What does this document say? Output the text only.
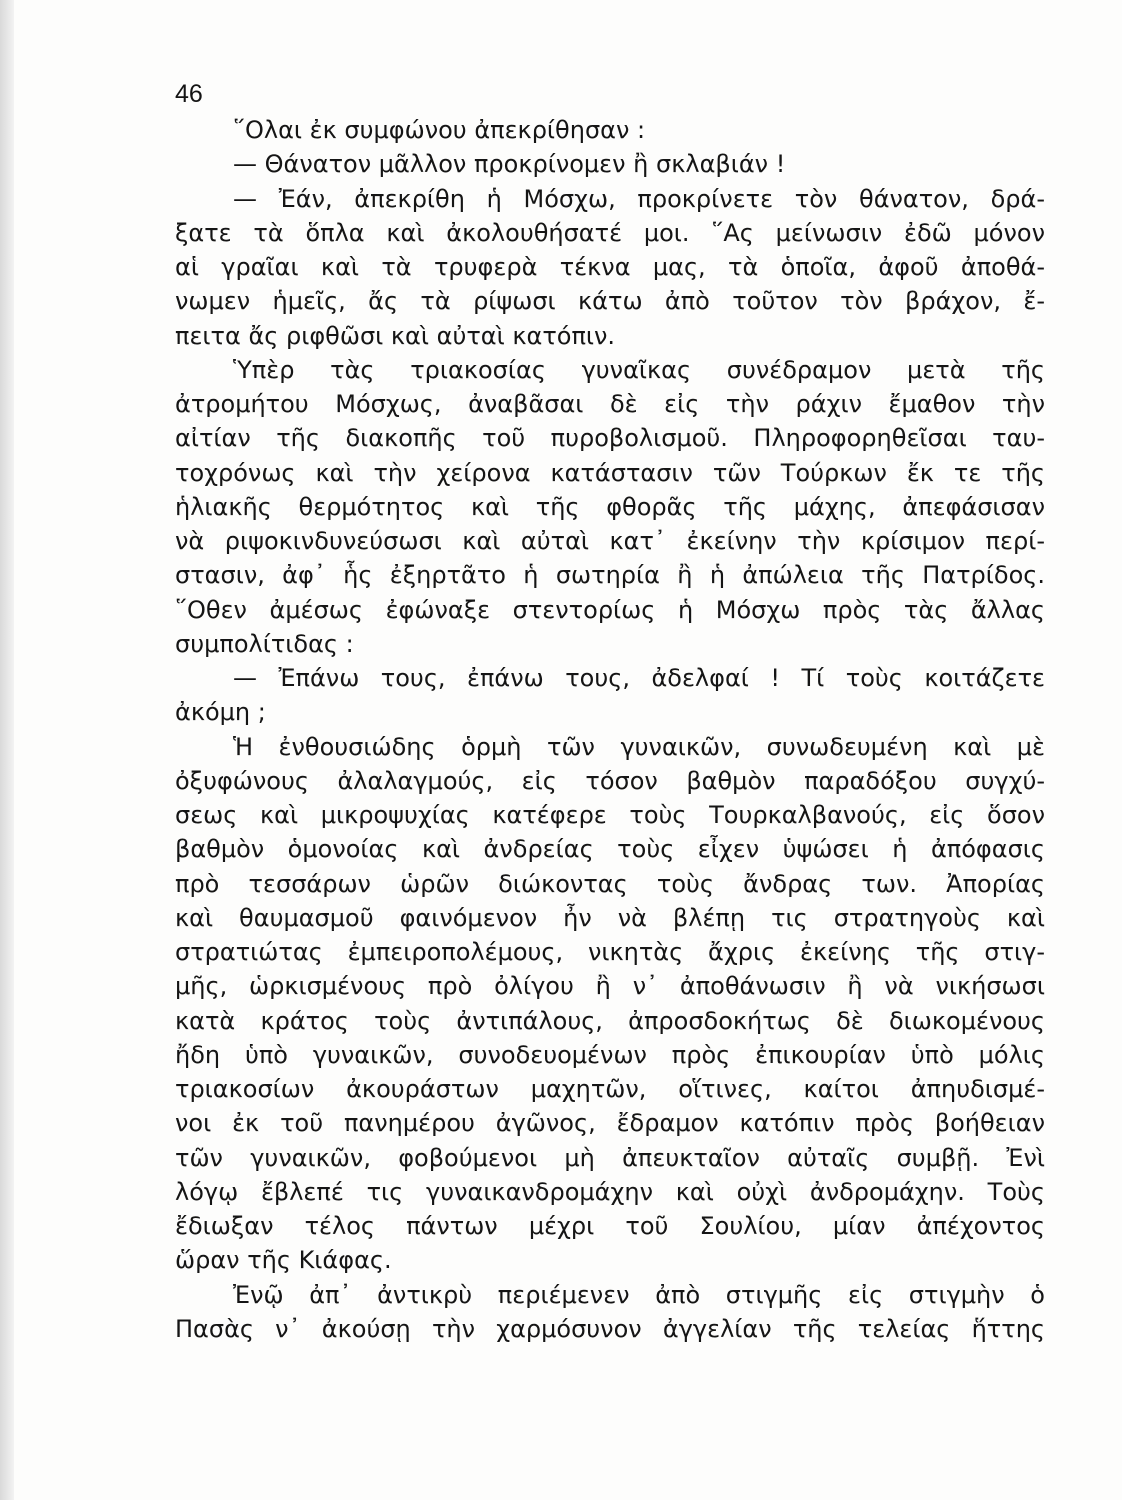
46
῞Ολαι ἐκ συμφώνου ἀπεκρίθησαν :
— Θάνατον μᾶλλον προκρίνομεν ἢ σκλαβιάν !
— Ἐάν, ἀπεκρίθη ἡ Μόσχω, προκρίνετε τὸν θάνατον, δρά-
ξατε τὰ ὅπλα καὶ ἀκολουθήσατέ μοι. ῞Ας μείνωσιν ἐδῶ μόνον
αἱ γραῖαι καὶ τὰ τρυφερὰ τέκνα μας, τὰ ὁποῖα, ἀφοῦ ἀποθά-
νωμεν ἡμεῖς, ἄς τὰ ρίψωσι κάτω ἀπὸ τοῦτον τὸν βράχον, ἔ-
πειτα ἄς ριφθῶσι καὶ αὐταὶ κατόπιν.
Ὑπὲρ τὰς τριακοσίας γυναῖκας συνέδραμον μετὰ τῆς
ἀτρομήτου Μόσχως, ἀναβᾶσαι δὲ εἰς τὴν ράχιν ἔμαθον τὴν
αἰτίαν τῆς διακοπῆς τοῦ πυροβολισμοῦ. Πληροφορηθεῖσαι ταυ-
τοχρόνως καὶ τὴν χείρονα κατάστασιν τῶν Τούρκων ἔκ τε τῆς
ἡλιακῆς θερμότητος καὶ τῆς φθορᾶς τῆς μάχης, ἀπεφάσισαν
νὰ ριψοκινδυνεύσωσι καὶ αὐταὶ κατ᾽ ἐκείνην τὴν κρίσιμον περί-
στασιν, ἀφ᾽ ἧς ἐξηρτᾶτο ἡ σωτηρία ἢ ἡ ἀπώλεια τῆς Πατρίδος.
῞Οθεν ἀμέσως ἐφώναξε στεντορίως ἡ Μόσχω πρὸς τὰς ἄλλας
συμπολίτιδας :
— Ἐπάνω τους, ἐπάνω τους, ἀδελφαί ! Τί τοὺς κοιτάζετε
ἀκόμη ;
Ἡ ἐνθουσιώδης ὁρμὴ τῶν γυναικῶν, συνωδευμένη καὶ μὲ
ὀξυφώνους ἀλαλαγμούς, εἰς τόσον βαθμὸν παραδόξου συγχύ-
σεως καὶ μικροψυχίας κατέφερε τοὺς Τουρκαλβανούς, εἰς ὅσον
βαθμὸν ὁμονοίας καὶ ἀνδρείας τοὺς εἶχεν ὑψώσει ἡ ἀπόφασις
πρὸ τεσσάρων ὡρῶν διώκοντας τοὺς ἄνδρας των. Ἀπορίας
καὶ θαυμασμοῦ φαινόμενον ἦν νὰ βλέπῃ τις στρατηγοὺς καὶ
στρατιώτας ἐμπειροπολέμους, νικητὰς ἄχρις ἐκείνης τῆς στιγ-
μῆς, ὡρκισμένους πρὸ ὀλίγου ἢ ν᾽ ἀποθάνωσιν ἢ νὰ νικήσωσι
κατὰ κράτος τοὺς ἀντιπάλους, ἀπροσδοκήτως δὲ διωκομένους
ἤδη ὑπὸ γυναικῶν, συνοδευομένων πρὸς ἐπικουρίαν ὑπὸ μόλις
τριακοσίων ἀκουράστων μαχητῶν, οἵτινες, καίτοι ἀπηυδισμέ-
νοι ἐκ τοῦ πανημέρου ἀγῶνος, ἔδραμον κατόπιν πρὸς βοήθειαν
τῶν γυναικῶν, φοβούμενοι μὴ ἀπευκταῖον αὐταῖς συμβῇ. Ἐνὶ
λόγῳ ἔβλεπέ τις γυναικανδρομάχην καὶ οὐχὶ ἀνδρομάχην. Τοὺς
ἔδιωξαν τέλος πάντων μέχρι τοῦ Σουλίου, μίαν ἀπέχοντος
ὥραν τῆς Κιάφας.
Ἐνῷ ἀπ᾽ ἀντικρὺ περιέμενεν ἀπὸ στιγμῆς εἰς στιγμὴν ὁ
Πασὰς ν᾽ ἀκούσῃ τὴν χαρμόσυνον ἀγγελίαν τῆς τελείας ἥττης
